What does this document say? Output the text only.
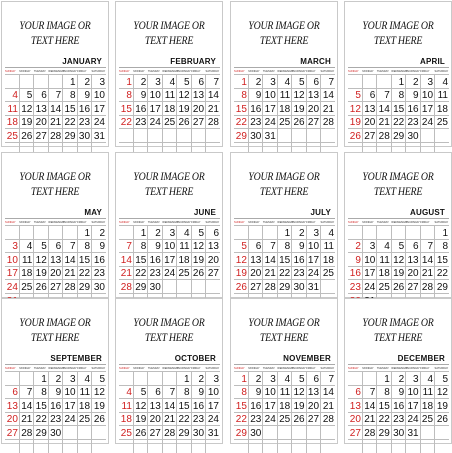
YOUR IMAGE OR
TEXT HERE
JANUARY
SUNDAY	MONDAY	TUESDAY	WEDNESDAY	THURSDAY	FRIDAY	SATURDAY
				1	2	3
4	5	6	7	8	9	10
11	12	13	14	15	16	17
18	19	20	21	22	23	24
25	26	27	28	29	30	31

YOUR IMAGE OR
TEXT HERE
FEBRUARY
SUNDAY	MONDAY	TUESDAY	WEDNESDAY	THURSDAY	FRIDAY	SATURDAY
1	2	3	4	5	6	7
8	9	10	11	12	13	14
15	16	17	18	19	20	21
22	23	24	25	26	27	28

YOUR IMAGE OR
TEXT HERE
MARCH
SUNDAY	MONDAY	TUESDAY	WEDNESDAY	THURSDAY	FRIDAY	SATURDAY
1	2	3	4	5	6	7
8	9	10	11	12	13	14
15	16	17	18	19	20	21
22	23	24	25	26	27	28
29	30	31				

YOUR IMAGE OR
TEXT HERE
APRIL
SUNDAY	MONDAY	TUESDAY	WEDNESDAY	THURSDAY	FRIDAY	SATURDAY
			1	2	3	4
5	6	7	8	9	10	11
12	13	14	15	16	17	18
19	20	21	22	23	24	25
26	27	28	29	30		

YOUR IMAGE OR
TEXT HERE
MAY
SUNDAY	MONDAY	TUESDAY	WEDNESDAY	THURSDAY	FRIDAY	SATURDAY
					1	2
3	4	5	6	7	8	9
10	11	12	13	14	15	16
17	18	19	20	21	22	23
24	25	26	27	28	29	30

YOUR IMAGE OR
TEXT HERE
JUNE
SUNDAY	MONDAY	TUESDAY	WEDNESDAY	THURSDAY	FRIDAY	SATURDAY
	1	2	3	4	5	6
7	8	9	10	11	12	13
14	15	16	17	18	19	20
21	22	23	24	25	26	27
28	29	30				

YOUR IMAGE OR
TEXT HERE
JULY
SUNDAY	MONDAY	TUESDAY	WEDNESDAY	THURSDAY	FRIDAY	SATURDAY
			1	2	3	4
5	6	7	8	9	10	11
12	13	14	15	16	17	18
19	20	21	22	23	24	25
26	27	28	29	30	31	

YOUR IMAGE OR
TEXT HERE
AUGUST
SUNDAY	MONDAY	TUESDAY	WEDNESDAY	THURSDAY	FRIDAY	SATURDAY
						1
2	3	4	5	6	7	8
9	10	11	12	13	14	15
16	17	18	19	20	21	22
23	24	25	26	27	28	29

YOUR IMAGE OR
TEXT HERE
SEPTEMBER
SUNDAY	MONDAY	TUESDAY	WEDNESDAY	THURSDAY	FRIDAY	SATURDAY
		1	2	3	4	5
6	7	8	9	10	11	12
13	14	15	16	17	18	19
20	21	22	23	24	25	26
27	28	29	30			

YOUR IMAGE OR
TEXT HERE
OCTOBER
SUNDAY	MONDAY	TUESDAY	WEDNESDAY	THURSDAY	FRIDAY	SATURDAY
				1	2	3
4	5	6	7	8	9	10
11	12	13	14	15	16	17
18	19	20	21	22	23	24
25	26	27	28	29	30	31

YOUR IMAGE OR
TEXT HERE
NOVEMBER
SUNDAY	MONDAY	TUESDAY	WEDNESDAY	THURSDAY	FRIDAY	SATURDAY
1	2	3	4	5	6	7
8	9	10	11	12	13	14
15	16	17	18	19	20	21
22	23	24	25	26	27	28
29	30					

YOUR IMAGE OR
TEXT HERE
DECEMBER
SUNDAY	MONDAY	TUESDAY	WEDNESDAY	THURSDAY	FRIDAY	SATURDAY
		1	2	3	4	5
6	7	8	9	10	11	12
13	14	15	16	17	18	19
20	21	22	23	24	25	26
27	28	29	30	31		
